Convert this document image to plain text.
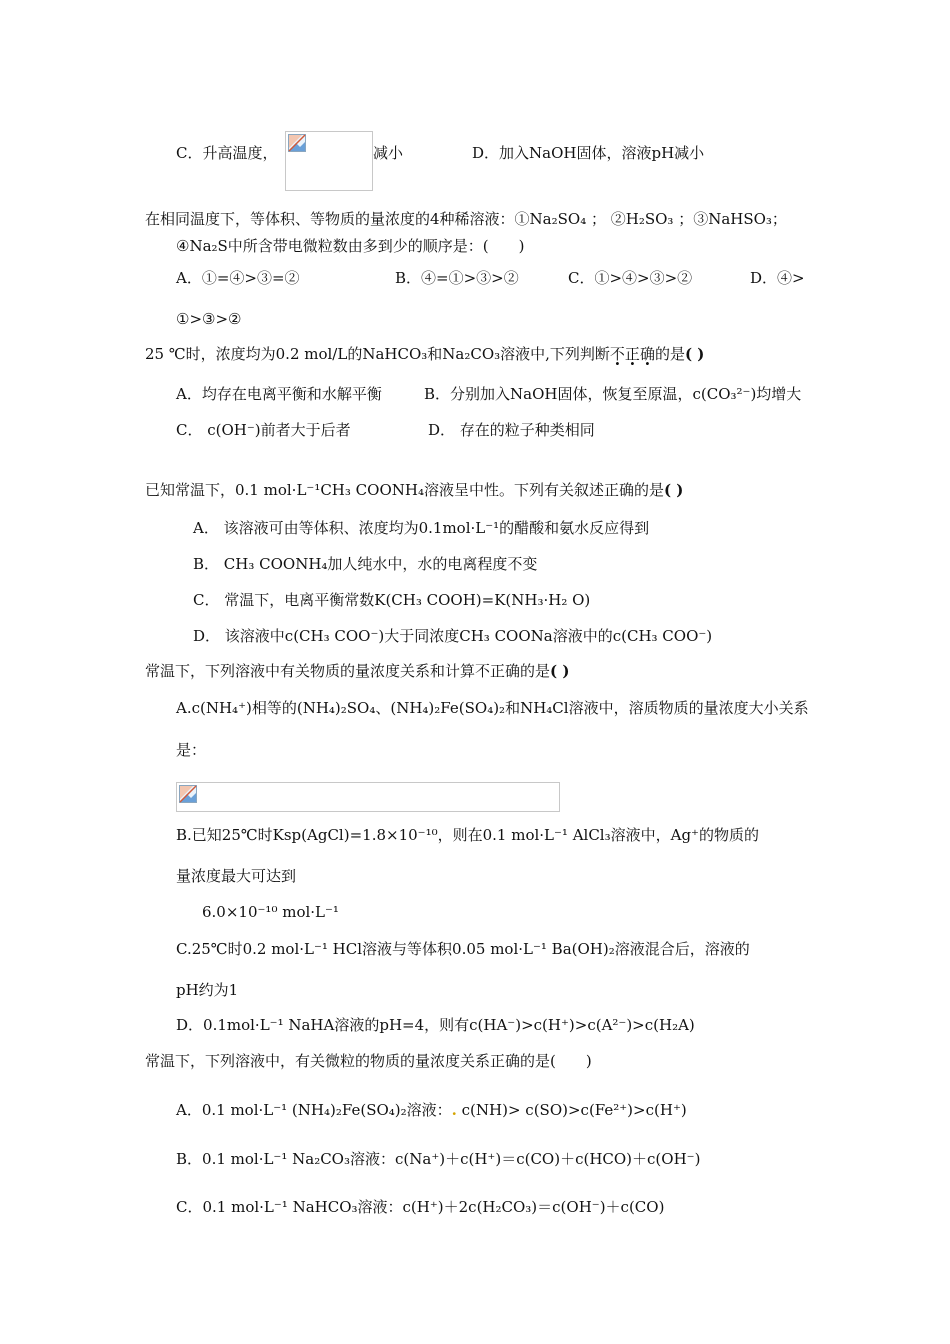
C．升高温度，	减小	D．加入NaOH固体，溶液pH减小
在相同温度下，等体积、等物质的量浓度的4种稀溶液：①Na₂SO₄ ； ②H₂SO₃ ；③NaHSO₃；
④Na₂S中所含带电微粒数由多到少的顺序是：(　　)
A．①=④>③=②	B．④=①>③>②	C．①>④>③>②	D．④>
①>③>②
25 ℃时，浓度均为0.2 mol/L的NaHCO₃和Na₂CO₃溶液中,下列判断不正确的是( )
A．均存在电离平衡和水解平衡	B．分别加入NaOH固体，恢复至原温，c(CO₃²⁻)均增大
C． c(OH⁻)前者大于后者	D． 存在的粒子种类相同
已知常温下，0.1 mol·L⁻¹CH₃ COONH₄溶液呈中性。下列有关叙述正确的是( )
A． 该溶液可由等体积、浓度均为0.1mol·L⁻¹的醋酸和氨水反应得到
B． CH₃ COONH₄加人纯水中，水的电离程度不变
C． 常温下，电离平衡常数K(CH₃ COOH)=K(NH₃·H₂ O)
D． 该溶液中c(CH₃ COO⁻)大于同浓度CH₃ COONa溶液中的c(CH₃ COO⁻)
常温下，下列溶液中有关物质的量浓度关系和计算不正确的是( )
A.c(NH₄⁺)相等的(NH₄)₂SO₄、(NH₄)₂Fe(SO₄)₂和NH₄Cl溶液中，溶质物质的量浓度大小关系
是：
B.已知25℃时Ksp(AgCl)=1.8×10⁻¹⁰，则在0.1 mol·L⁻¹ AlCl₃溶液中，Ag⁺的物质的
量浓度最大可达到
6.0×10⁻¹⁰ mol·L⁻¹
C.25℃时0.2 mol·L⁻¹ HCl溶液与等体积0.05 mol·L⁻¹ Ba(OH)₂溶液混合后，溶液的
pH约为1
D．0.1mol·L⁻¹ NaHA溶液的pH=4，则有c(HA⁻)>c(H⁺)>c(A²⁻)>c(H₂A)
常温下，下列溶液中，有关微粒的物质的量浓度关系正确的是(　　)
A．0.1 mol·L⁻¹ (NH₄)₂Fe(SO₄)₂溶液：. c(NH)> c(SO)>c(Fe²⁺)>c(H⁺)
B．0.1 mol·L⁻¹ Na₂CO₃溶液：c(Na⁺)＋c(H⁺)＝c(CO)＋c(HCO)＋c(OH⁻)
C．0.1 mol·L⁻¹ NaHCO₃溶液：c(H⁺)＋2c(H₂CO₃)＝c(OH⁻)＋c(CO)
